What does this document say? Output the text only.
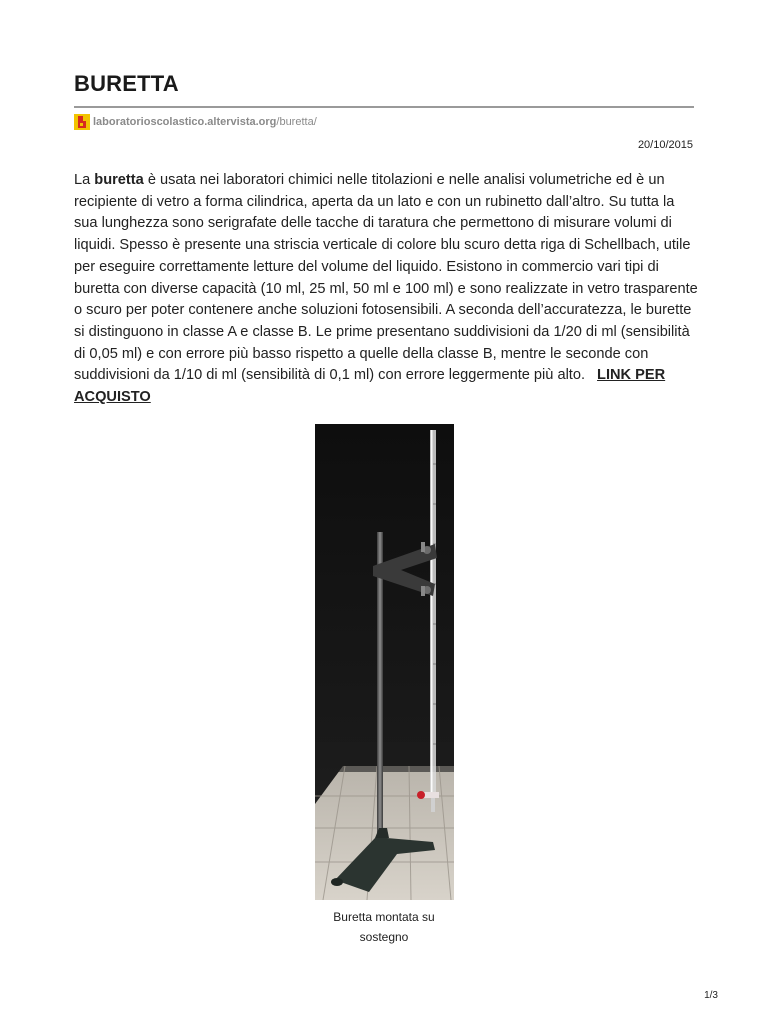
BURETTA
laboratorioscolastico.altervista.org /buretta/
20/10/2015

La buretta è usata nei laboratori chimici nelle titolazioni e nelle analisi volumetriche ed è un recipiente di vetro a forma cilindrica, aperta da un lato e con un rubinetto dall’altro. Su tutta la sua lunghezza sono serigrafate delle tacche di taratura che permettono di misurare volumi di liquidi. Spesso è presente una striscia verticale di colore blu scuro detta riga di Schellbach, utile per eseguire correttamente letture del volume del liquido. Esistono in commercio vari tipi di buretta con diverse capacità (10 ml, 25 ml, 50 ml e 100 ml) e sono realizzate in vetro trasparente o scuro per poter contenere anche soluzioni fotosensibili. A seconda dell’accuratezza, le burette si distinguono in classe A e classe B. Le prime presentano suddivisioni da 1/20 di ml (sensibilità di 0,05 ml) e con errore più basso rispetto a quelle della classe B, mentre le seconde con suddivisioni da 1/10 di ml (sensibilità di 0,1 ml) con errore leggermente più alto. LINK PER ACQUISTO

Buretta montata su
sostegno
1/3
